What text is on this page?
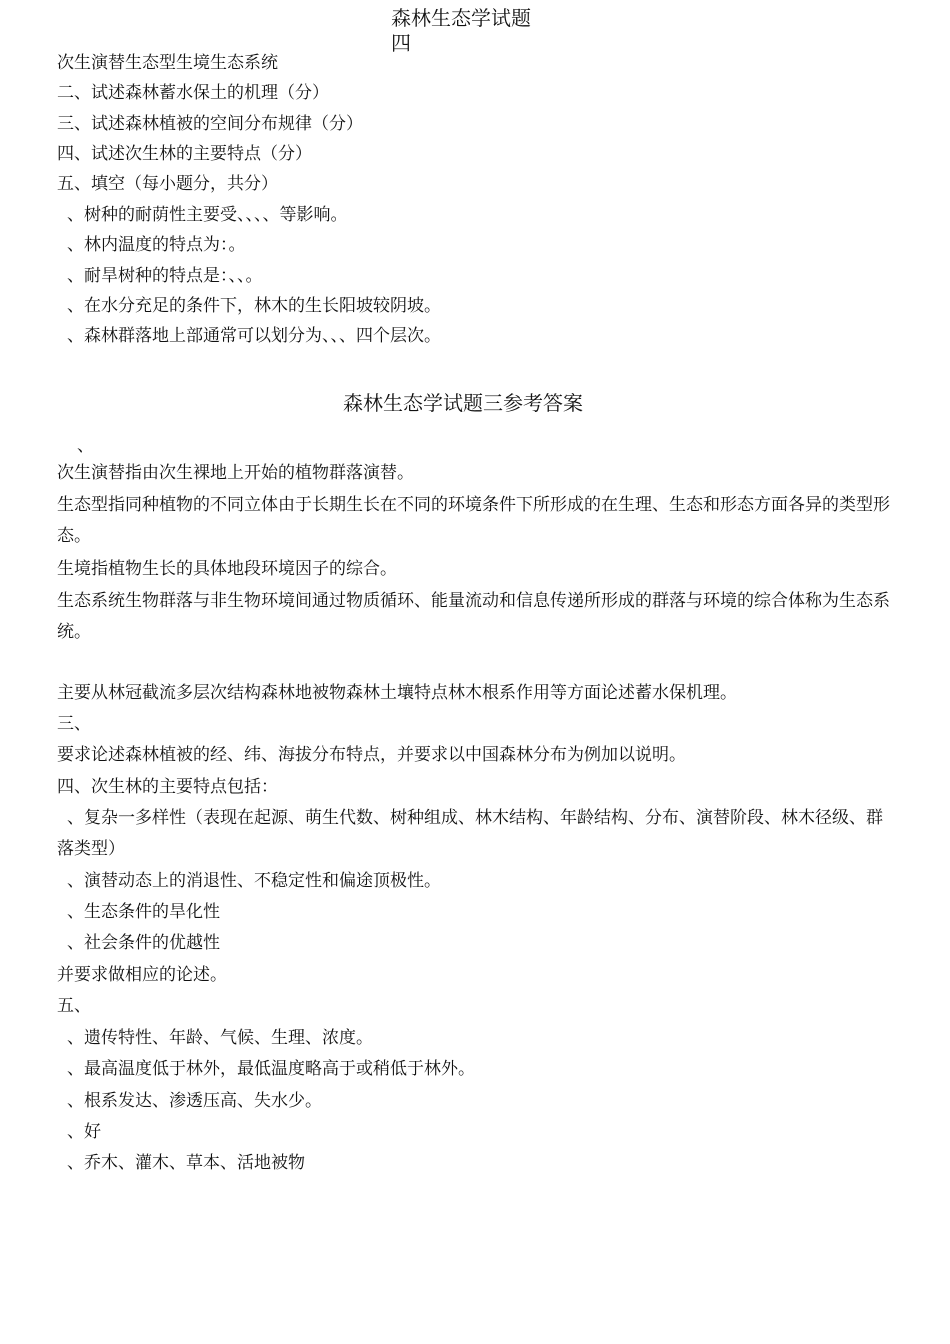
森林生态学试题
四
次生演替生态型生境生态系统
二、试述森林蓄水保土的机理（分）
三、试述森林植被的空间分布规律（分）
四、试述次生林的主要特点（分）
五、填空（每小题分，共分）
、树种的耐荫性主要受、、、、等影响。
、林内温度的特点为：。
、耐旱树种的特点是：、、。
、在水分充足的条件下，林木的生长阳坡较阴坡。
、森林群落地上部通常可以划分为、、、四个层次。
森林生态学试题三参考答案
、
次生演替指由次生裸地上开始的植物群落演替。
生态型指同种植物的不同立体由于长期生长在不同的环境条件下所形成的在生理、生态和形态方面各异的类型形态。
生境指植物生长的具体地段环境因子的综合。
生态系统生物群落与非生物环境间通过物质循环、能量流动和信息传递所形成的群落与环境的综合体称为生态系统。
主要从林冠截流多层次结构森林地被物森林土壤特点林木根系作用等方面论述蓄水保机理。
三、
要求论述森林植被的经、纬、海拔分布特点，并要求以中国森林分布为例加以说明。
四、次生林的主要特点包括：
、复杂一多样性（表现在起源、萌生代数、树种组成、林木结构、年龄结构、分布、演替阶段、林木径级、群落类型）
、演替动态上的消退性、不稳定性和偏途顶极性。
、生态条件的旱化性
、社会条件的优越性
并要求做相应的论述。
五、
、遗传特性、年龄、气候、生理、浓度。
、最高温度低于林外，最低温度略高于或稍低于林外。
、根系发达、渗透压高、失水少。
、好
、乔木、灌木、草本、活地被物
